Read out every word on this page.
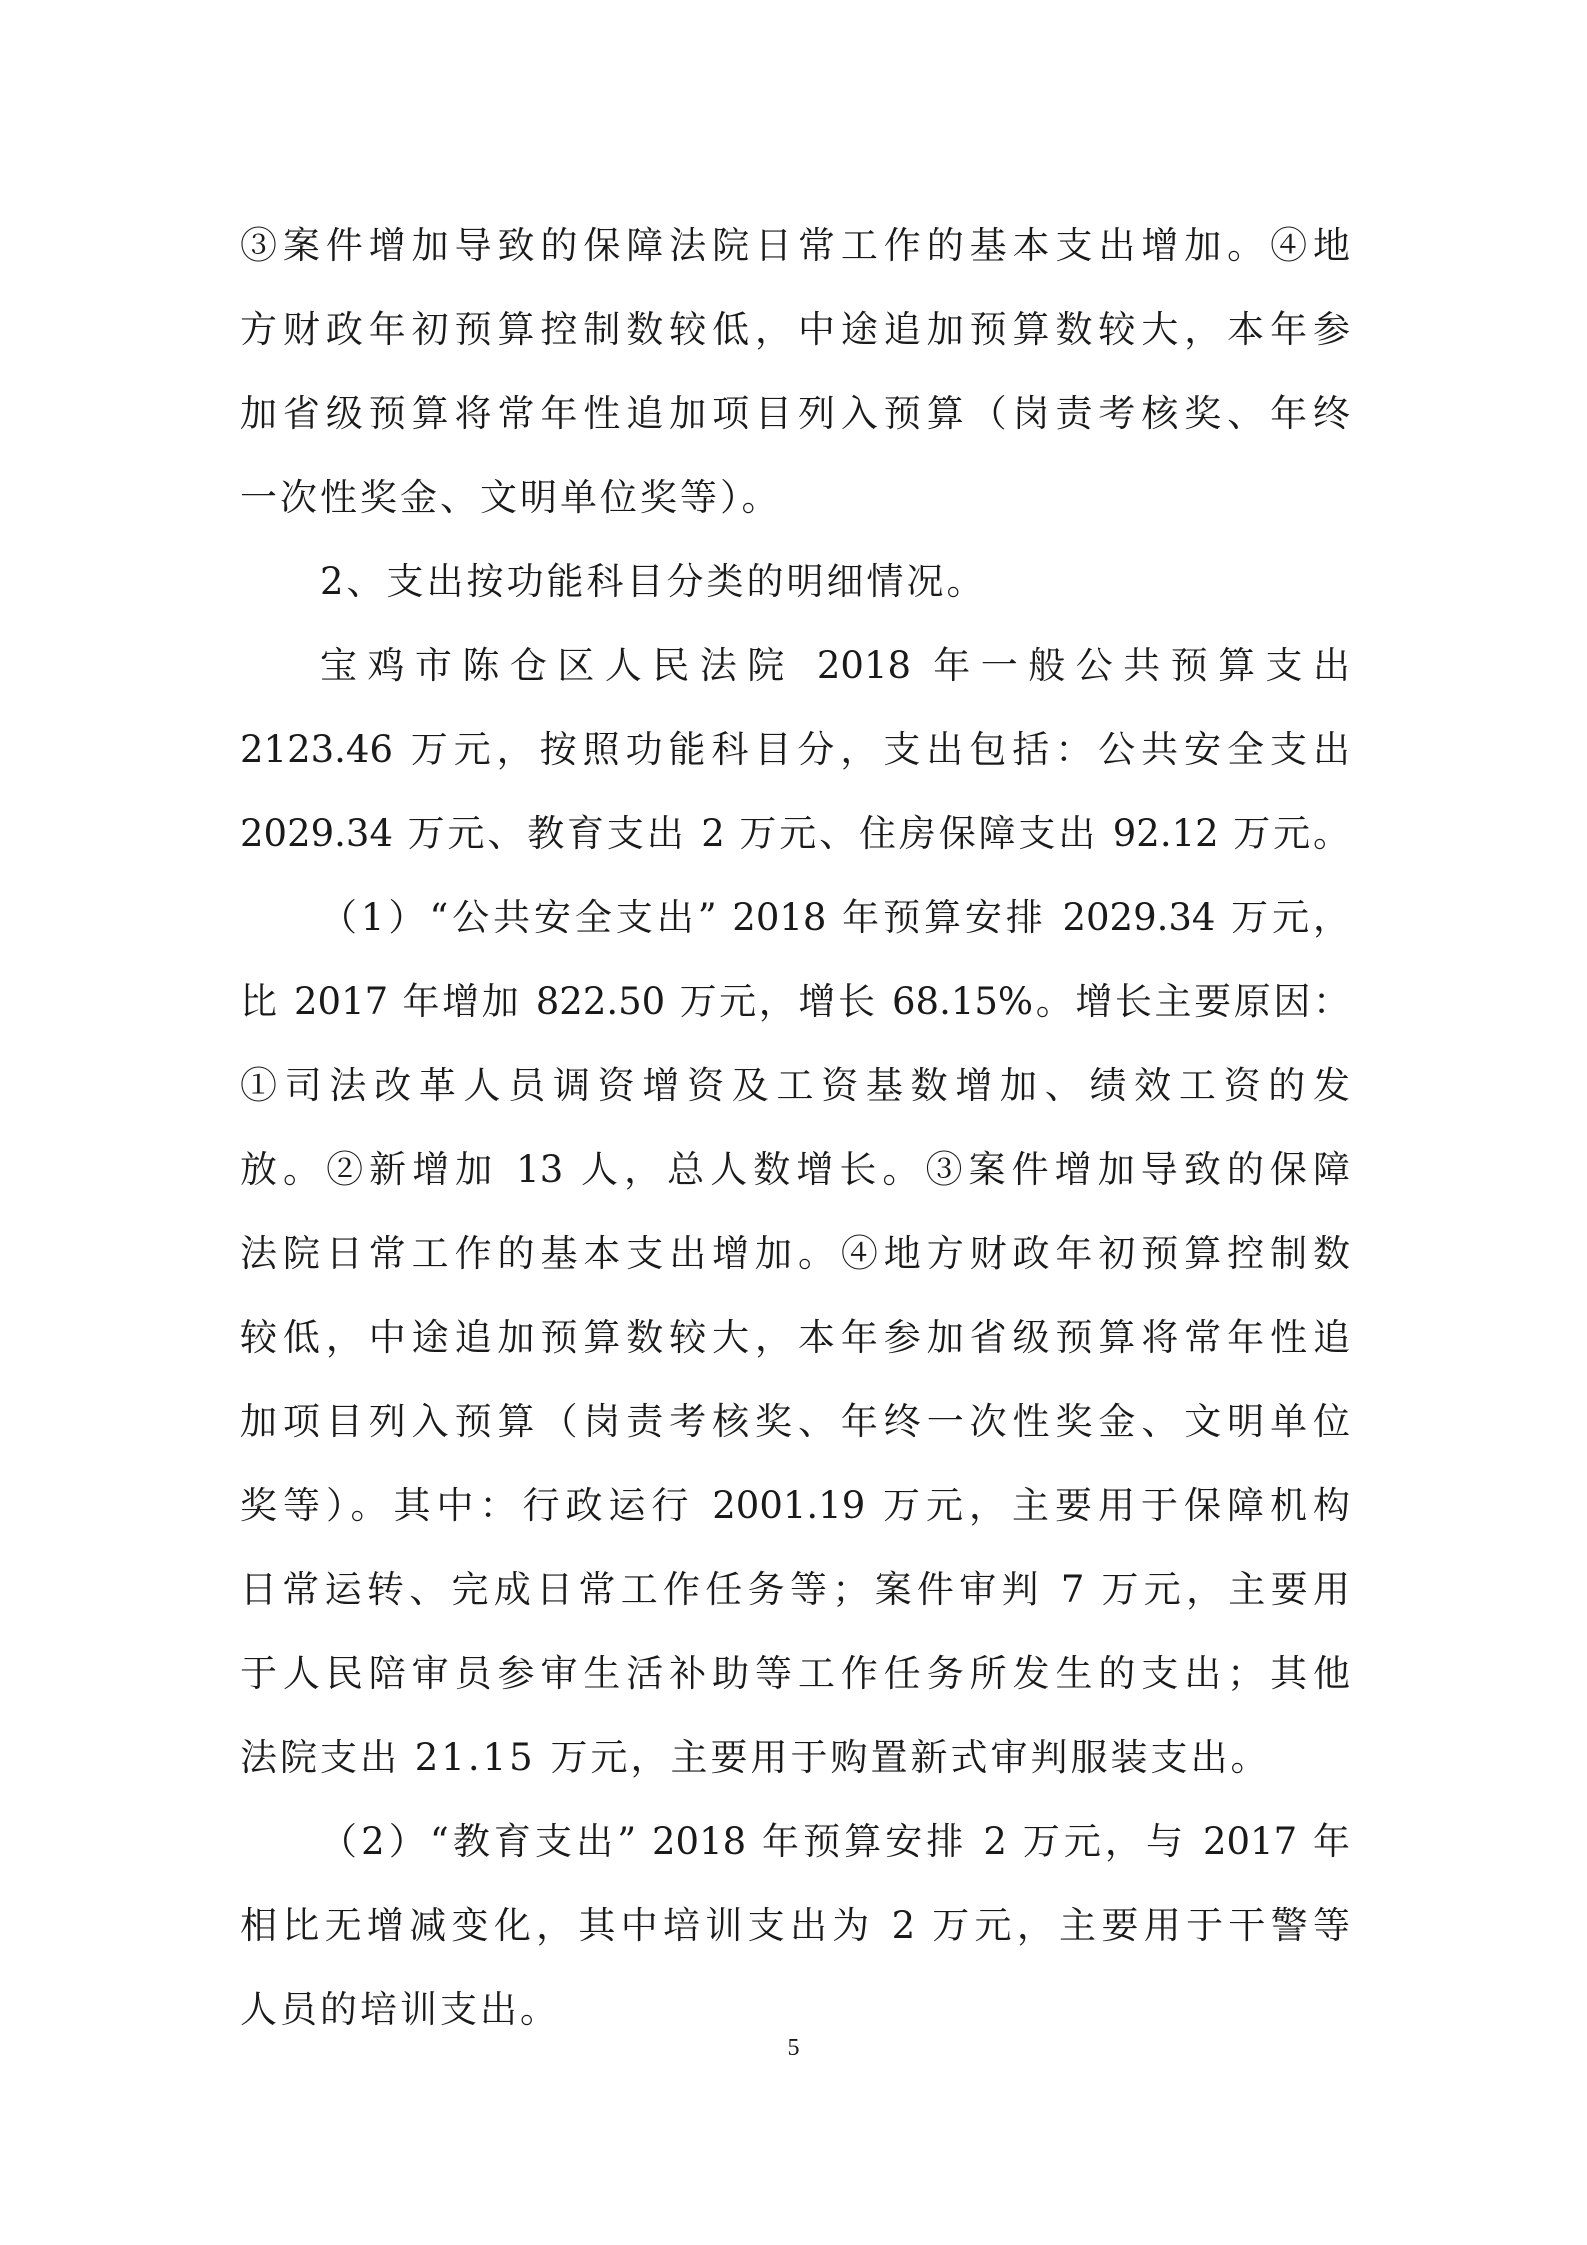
③案件增加导致的保障法院日常工作的基本支出增加。④地
方财政年初预算控制数较低，中途追加预算数较大，本年参
加省级预算将常年性追加项目列入预算（岗责考核奖、年终
一次性奖金、文明单位奖等）。
2、支出按功能科目分类的明细情况。
宝鸡市陈仓区人民法院 2018 年一般公共预算支出
2123.46 万元，按照功能科目分，支出包括：公共安全支出
2029.34 万元、教育支出 2 万元、住房保障支出 92.12 万元。
（1）“公共安全支出” 2018 年预算安排 2029.34 万元，
比 2017 年增加 822.50 万元，增长 68.15%。增长主要原因：
①司法改革人员调资增资及工资基数增加、绩效工资的发
放。②新增加 13 人，总人数增长。③案件增加导致的保障
法院日常工作的基本支出增加。④地方财政年初预算控制数
较低，中途追加预算数较大，本年参加省级预算将常年性追
加项目列入预算（岗责考核奖、年终一次性奖金、文明单位
奖等）。其中：行政运行 2001.19 万元，主要用于保障机构
日常运转、完成日常工作任务等；案件审判 7 万元，主要用
于人民陪审员参审生活补助等工作任务所发生的支出；其他
法院支出 21.15 万元，主要用于购置新式审判服装支出。
（2）“教育支出” 2018 年预算安排 2 万元，与 2017 年
相比无增减变化，其中培训支出为 2 万元，主要用于干警等
人员的培训支出。
5
